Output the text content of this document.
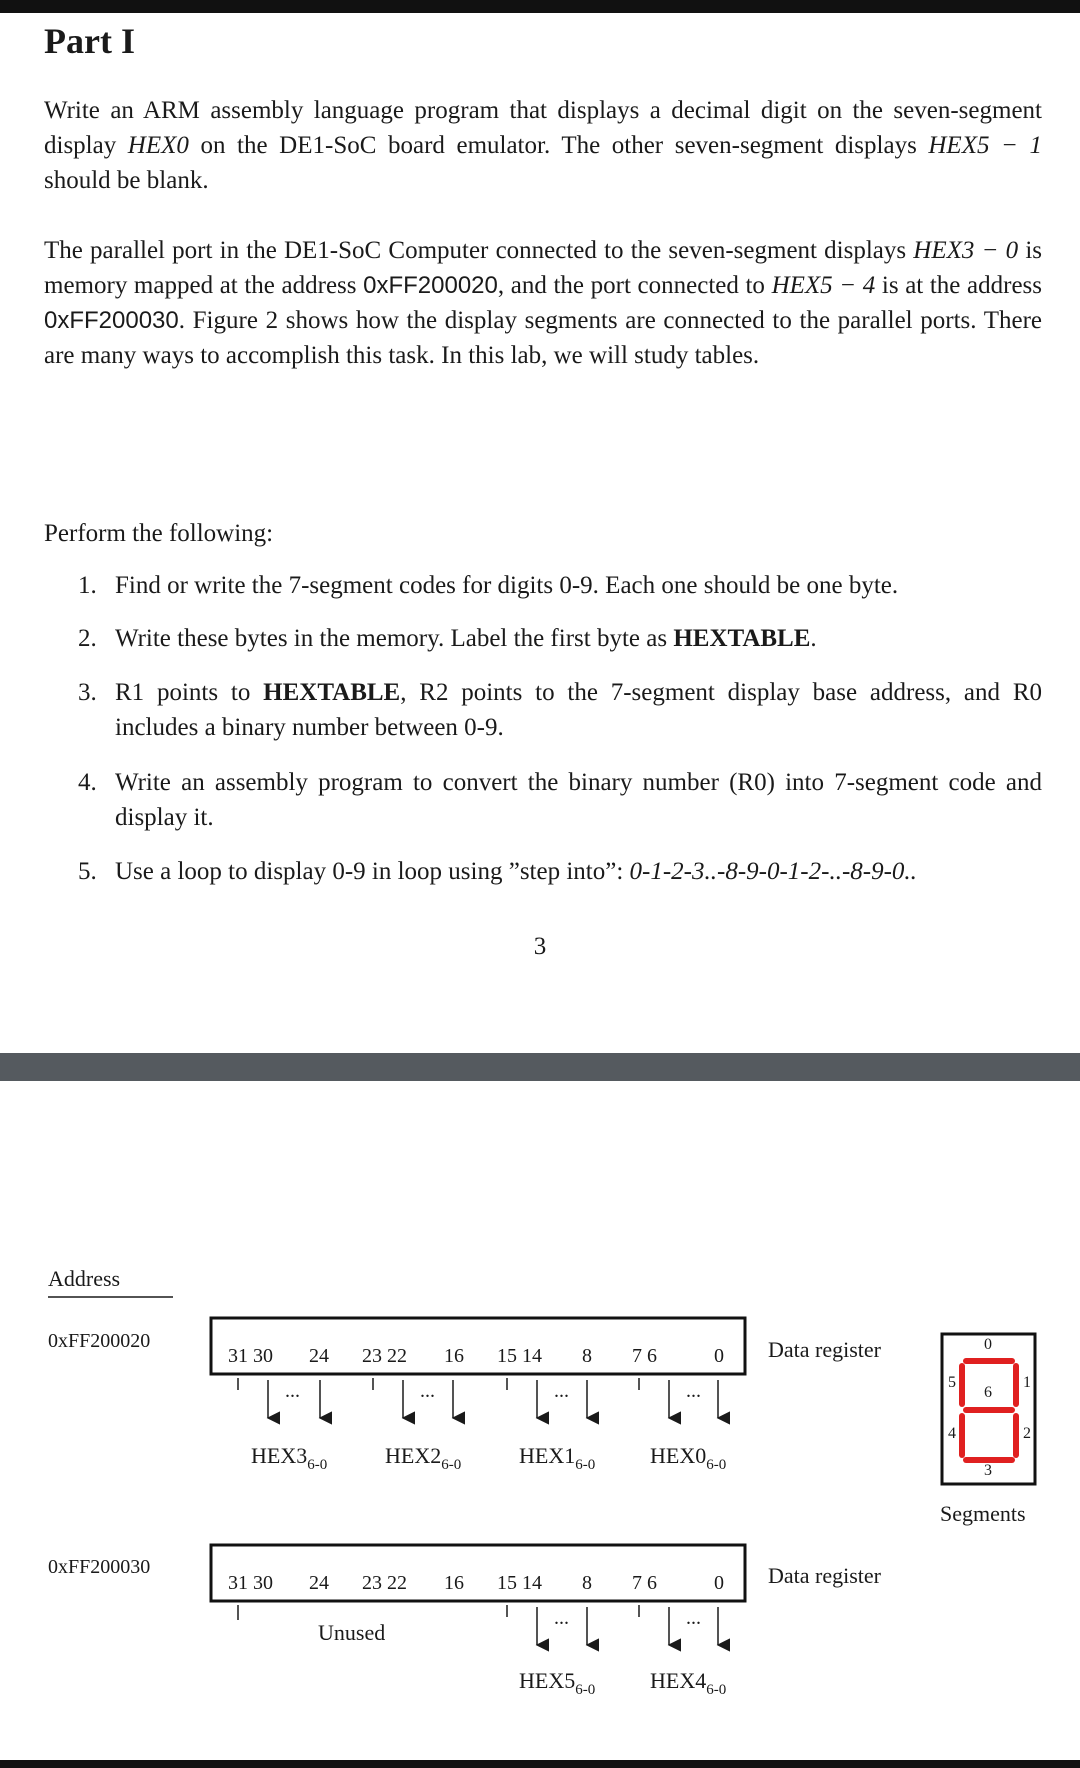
Part I
Write an ARM assembly language program that displays a decimal digit on the seven-segment display HEX0 on the DE1-SoC board emulator. The other seven-segment displays HEX5 − 1 should be blank.
The parallel port in the DE1-SoC Computer connected to the seven-segment displays HEX3 − 0 is memory mapped at the address 0xFF200020, and the port connected to HEX5 − 4 is at the address 0xFF200030. Figure 2 shows how the display segments are connected to the parallel ports. There are many ways to accomplish this task. In this lab, we will study tables.
Perform the following:
1. Find or write the 7-segment codes for digits 0-9. Each one should be one byte.
2. Write these bytes in the memory. Label the first byte as HEXTABLE.
3. R1 points to HEXTABLE, R2 points to the 7-segment display base address, and R0 includes a binary number between 0-9.
4. Write an assembly program to convert the binary number (R0) into 7-segment code and display it.
5. Use a loop to display 0-9 in loop using ”step into”: 0-1-2-3..-8-9-0-1-2-..-8-9-0..
3
Address
0xFF200020
0xFF200030
31 30 24 23 22 16 15 14 8 7 6	0
...	...	...	...
Data register
$HEX3_{6-0}$	$HEX2_{6-0}$	$HEX1_{6-0}$ $HEX0_{6-0}$
31 30 24 23 22 16 15 14 8 7 6	0
...	...
Data register
Unused
$HEX5_{6-0}$ $HEX4_{6-0}$
0
1
2
3
4
5
6
Segments
